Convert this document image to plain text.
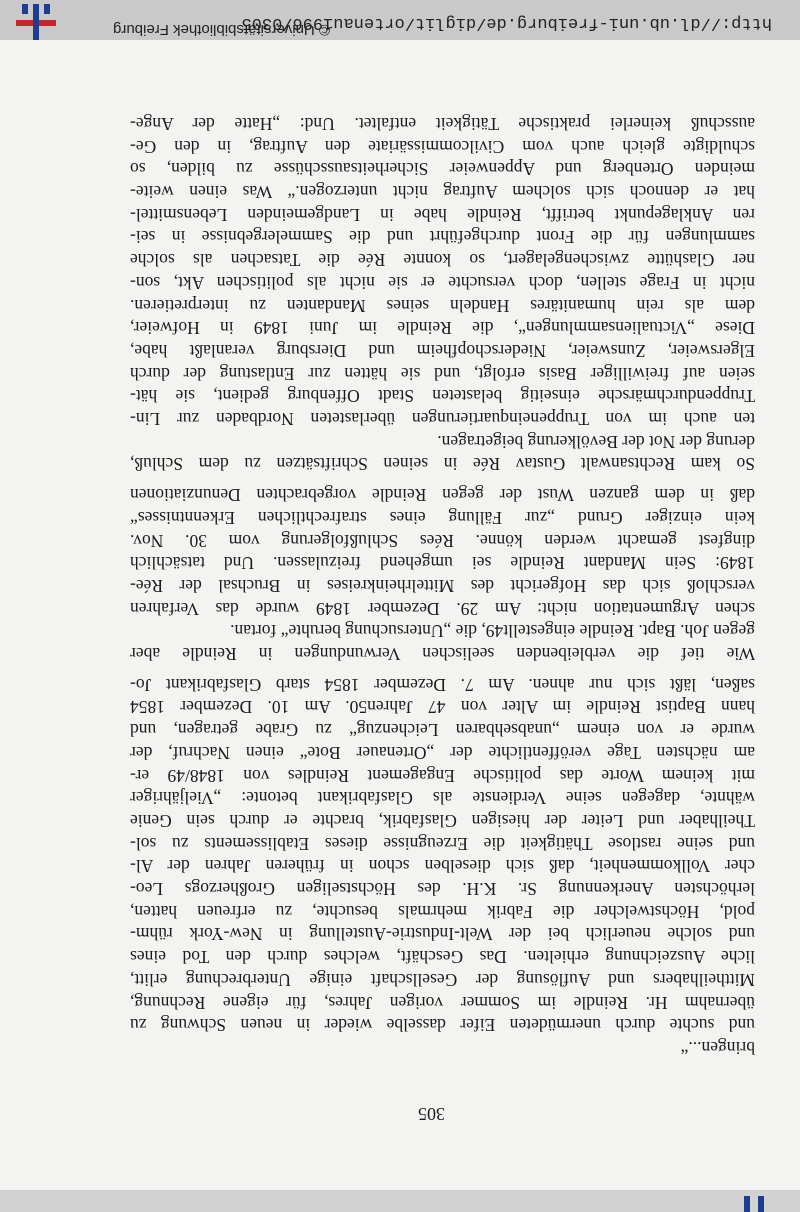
305
bringen...“
und suchte durch unermüdeten Eifer dasselbe wieder in neuen Schwung zu
übernahm Hr. Reindle im Sommer vorigen Jahres, für eigene Rechnung,
Mittheilhabers und Auflösung der Gesellschaft einige Unterbrechung erlitt,
liche Auszeichnung erhielten. Das Geschäft, welches durch den Tod eines
und solche neuerlich bei der Welt-Industrie-Austellung in New-York rühm-
pold, Höchstwelcher die Fabrik mehrmals besuchte, zu erfreuen hatten,
lerhöchsten Anerkennung Sr. K.H. des Höchstseligen Großherzogs Leo-
cher Vollkommenheit, daß sich dieselben schon in früheren Jahren der Al-
und seine rastlose Thätigkeit die Erzeugnisse dieses Etablissements zu sol-
Theilhaber und Leiter der hiesigen Glasfabrik, brachte er durch sein Genie
wähnte, dagegen seine Verdienste als Glasfabrikant betonte: „Vieljähriger
mit keinem Worte das politische Engagement Reindles von 1848/49 er-
am nächsten Tage veröffentlichte der „Ortenauer Bote“ einen Nachruf, der
wurde er von einem „unabsehbaren Leichenzug“ zu Grabe getragen, und
hann Baptist Reindle im Alter von 47 Jahren50. Am 10. Dezember 1854
saßen, läßt sich nur ahnen. Am 7. Dezember 1854 starb Glasfabrikant Jo-
Wie tief die verbleibenden seelischen Verwundungen in Reindle aber
gegen Joh. Bapt. Reindle eingestellt49, die „Untersuchung beruhte“ fortan.
schen Argumentation nicht: Am 29. Dezember 1849 wurde das Verfahren
verschloß sich das Hofgericht des Mittelrheinkreises in Bruchsal der Rée-
1849: Sein Mandant Reindle sei umgehend freizulassen. Und tatsächlich
dingfest gemacht werden könne. Rées Schlußfolgerung vom 30. Nov.
kein einziger Grund „zur Fällung eines strafrechtlichen Erkenntnisses“
daß in dem ganzen Wust der gegen Reindle vorgebrachten Denunziationen
So kam Rechtsanwalt Gustav Rée in seinen Schriftsätzen zu dem Schluß,
derung der Not der Bevölkerung beigetragen.
ten auch im von Truppeneinquartierungen überlasteten Nordbaden zur Lin-
Truppendurchmärsche einseitig belasteten Stadt Offenburg gedient, sie hät-
seien auf freiwilliger Basis erfolgt, und sie hätten zur Entlastung der durch
Elgersweier, Zunsweier, Niederschopfheim und Diersburg veranlaßt habe,
Diese „Victualiensammlungen“, die Reindle im Juni 1849 in Hofweier,
dem als rein humanitäres Handeln seines Mandanten zu interpretieren.
nicht in Frage stellen, doch versuchte er sie nicht als politischen Akt, son-
ner Glashütte zwischengelagert, so konnte Rée die Tatsachen als solche
sammlungen für die Front durchgeführt und die Sammelergebnisse in sei-
ren Anklagepunkt betrifft, Reindle habe in Landgemeinden Lebensmittel-
hat er dennoch sich solchem Auftrag nicht unterzogen.“ Was einen weite-
meinden Ortenberg und Appenweier Sicherheitsausschüsse zu bilden, so
schuldigte gleich auch vom Civilcommissäriate den Auftrag, in den Ge-
ausschuß keinerlei praktische Tätigkeit entfaltet. Und: „Hatte der Ange-
http://dl.ub.uni-freiburg.de/diglit/ortenau1996/0305
© Universitätsbibliothek Freiburg
